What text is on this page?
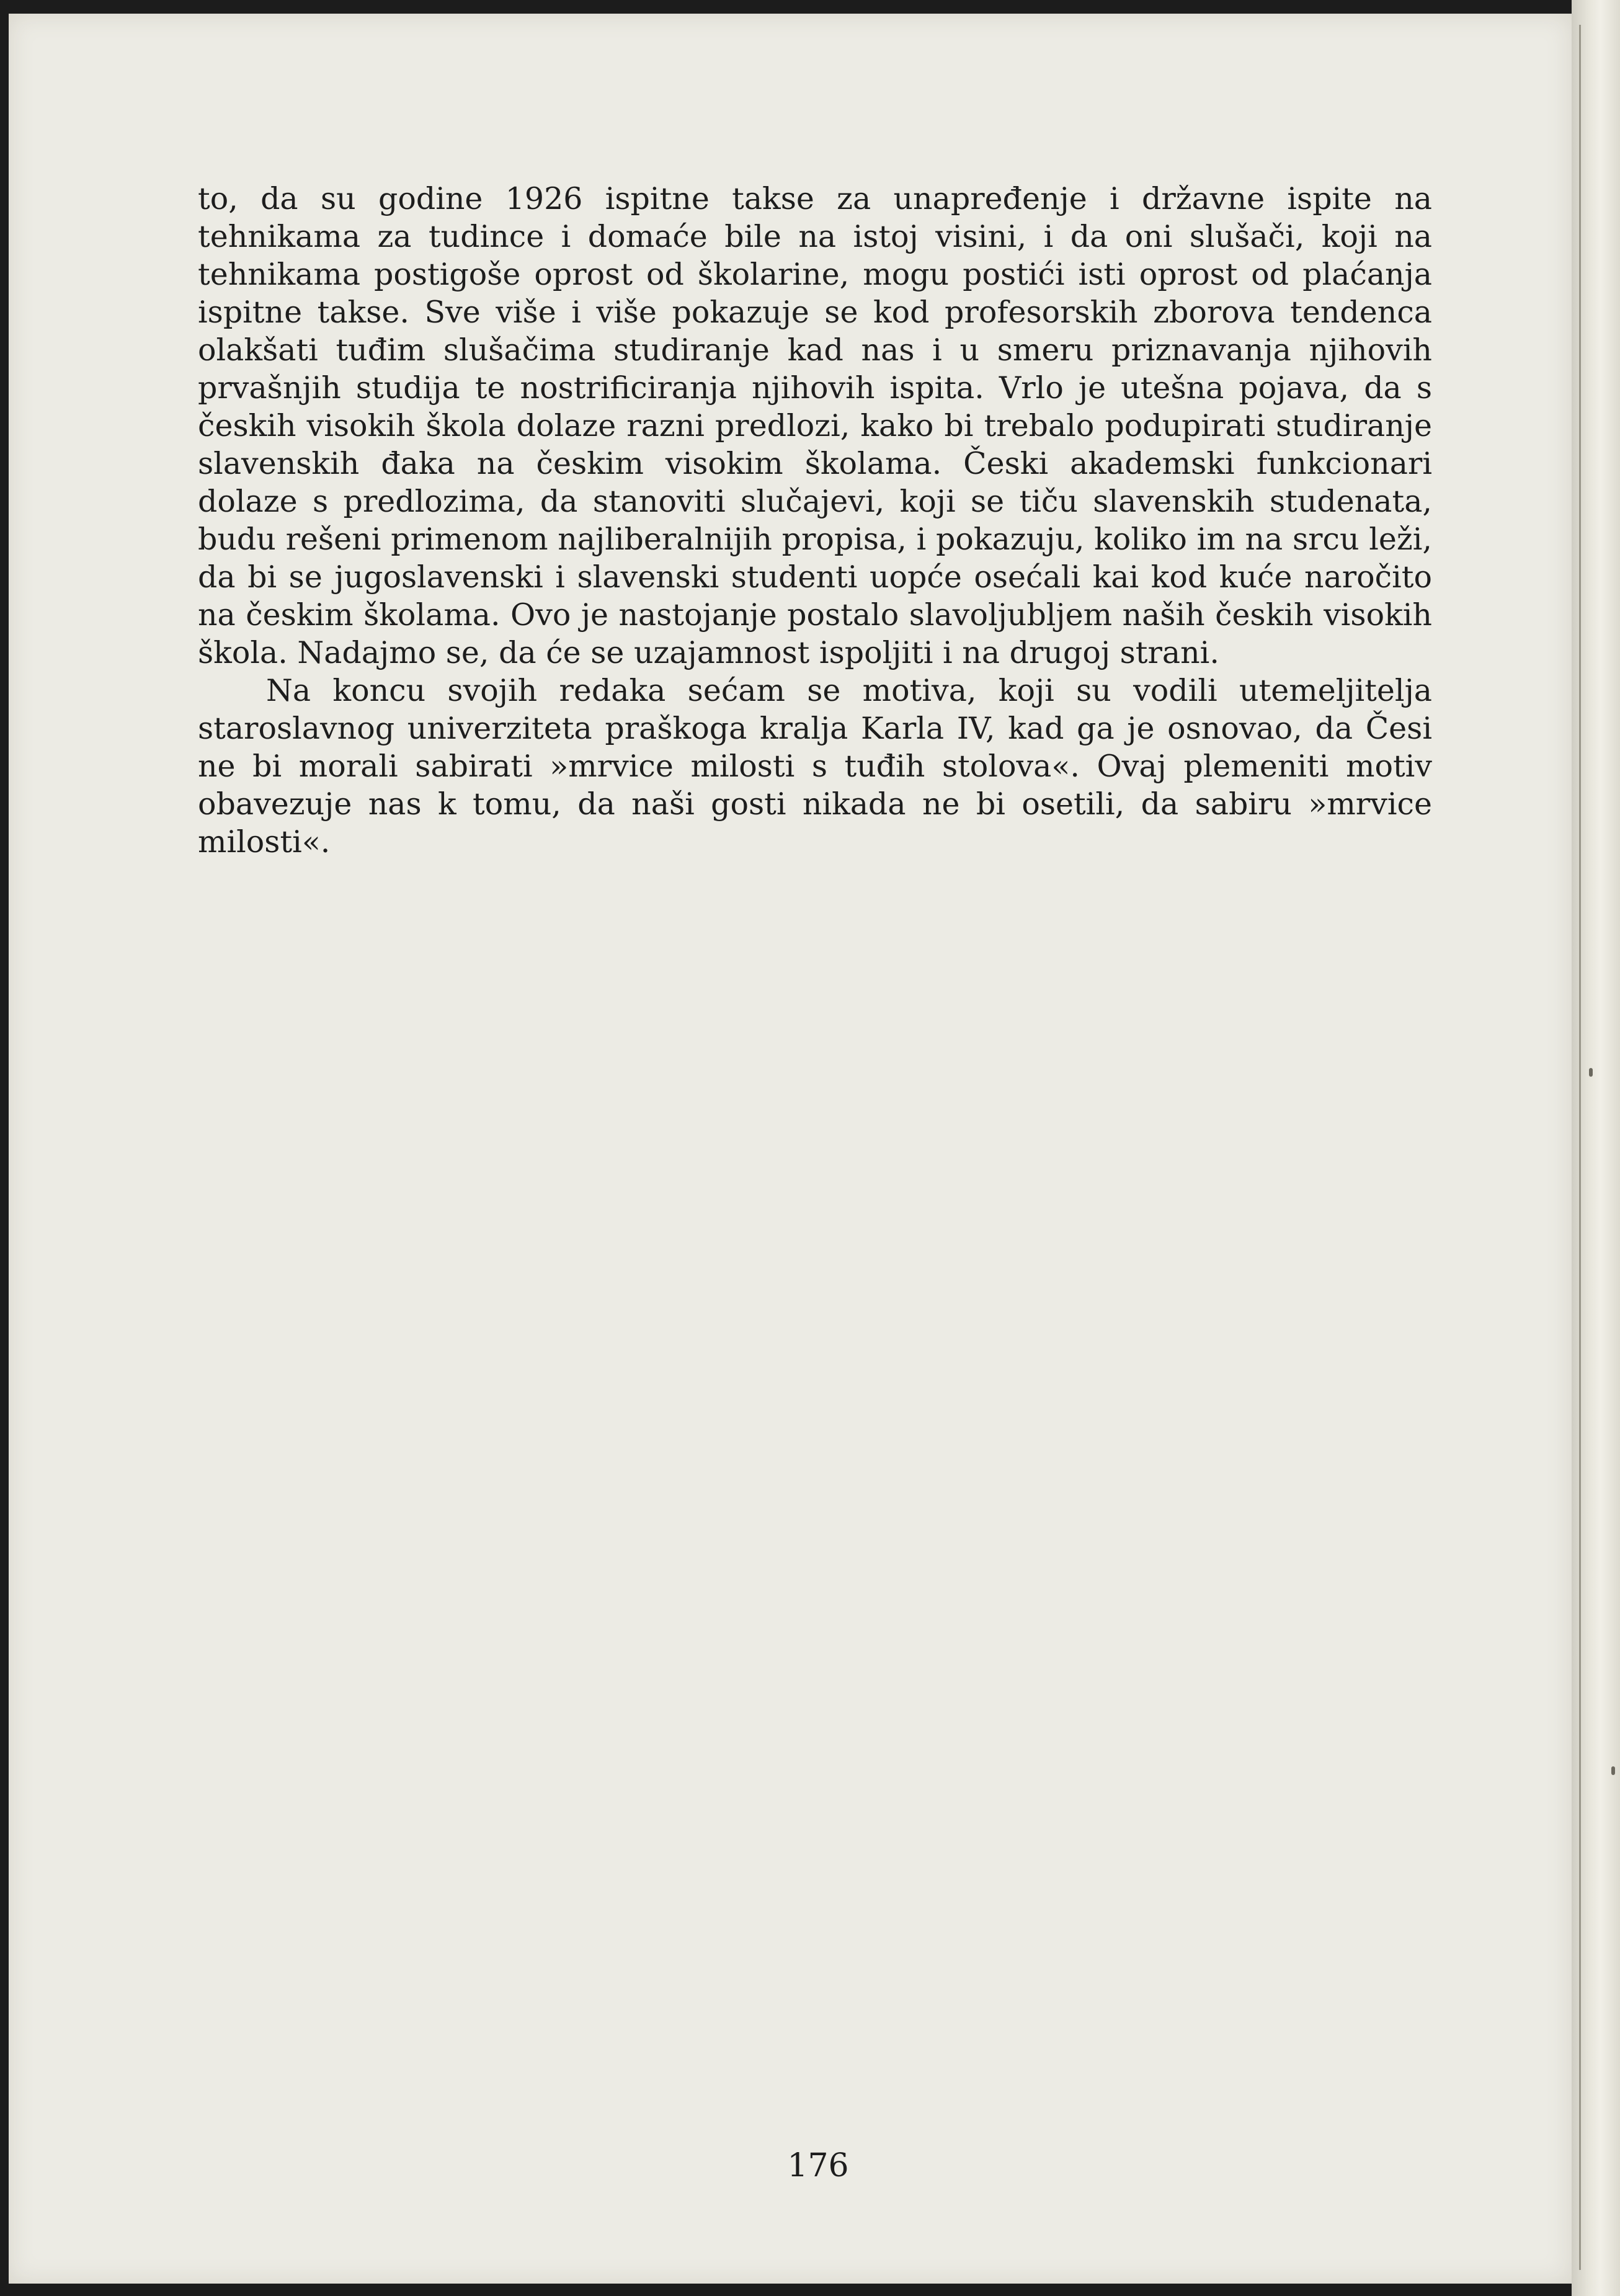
to, da su godine 1926 ispitne takse za unapređenje i državne ispite na tehnikama za tudince i domaće bile na istoj visini, i da oni slušači, koji na tehnikama postigoše oprost od školarine, mogu postići isti oprost od plaćanja ispitne takse. Sve više i više pokazuje se kod profesorskih zborova tendenca olakšati tuđim slušačima studiranje kad nas i u smeru priznavanja njihovih prvašnjih studija te nostrificiranja njihovih ispita. Vrlo je utešna pojava, da s českih visokih škola dolaze razni predlozi, kako bi trebalo podupirati studiranje slavenskih đaka na českim visokim školama. Česki akademski funkcionari dolaze s predlozima, da stanoviti slučajevi, koji se tiču slavenskih studenata, budu rešeni primenom najliberalnijih propisa, i pokazuju, koliko im na srcu leži, da bi se jugoslavenski i slavenski studenti uopće osećali kai kod kuće naročito na českim školama. Ovo je nastojanje postalo slavoljubljem naših českih visokih škola. Nadajmo se, da će se uzajamnost ispoljiti i na drugoj strani.

Na koncu svojih redaka sećam se motiva, koji su vodili utemeljitelja staroslavnog univerziteta praškoga kralja Karla IV, kad ga je osnovao, da Česi ne bi morali sabirati »mrvice milosti s tuđih stolova«. Ovaj plemeniti motiv obavezuje nas k tomu, da naši gosti nikada ne bi osetili, da sabiru »mrvice milosti«.

176
